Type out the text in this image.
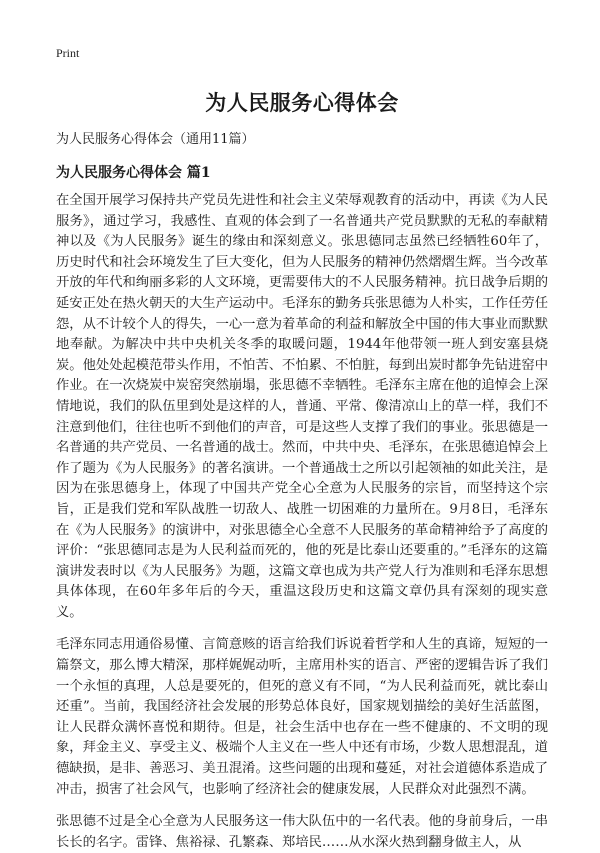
Print
为人民服务心得体会
为人民服务心得体会（通用11篇）
为人民服务心得体会 篇1

在全国开展学习保持共产党员先进性和社会主义荣辱观教育的活动中，再读《为人民服务》，通过学习，我感性、直观的体会到了一名普通共产党员默默的无私的奉献精神以及《为人民服务》诞生的缘由和深刻意义。张思德同志虽然已经牺牲60年了，历史时代和社会环境发生了巨大变化，但为人民服务的精神仍然熠熠生辉。当今改革开放的年代和绚丽多彩的人文环境，更需要伟大的不人民服务精神。抗日战争后期的延安正处在热火朝天的大生产运动中。毛泽东的勤务兵张思德为人朴实，工作任劳任怨，从不计较个人的得失，一心一意为着革命的利益和解放全中国的伟大事业而默默地奉献。为解决中共中央机关冬季的取暖问题，1944年他带领一班人到安塞县烧炭。他处处起模范带头作用，不怕苦、不怕累、不怕脏，每到出炭时都争先钻进窑中作业。在一次烧炭中炭窑突然崩塌，张思德不幸牺牲。毛泽东主席在他的追悼会上深情地说，我们的队伍里到处是这样的人，普通、平常、像清凉山上的草一样，我们不注意到他们，往往也听不到他们的声音，可是这些人支撑了我们的事业。张思德是一名普通的共产党员、一名普通的战士。然而，中共中央、毛泽东，在张思德追悼会上作了题为《为人民服务》的著名演讲。一个普通战士之所以引起领袖的如此关注，是因为在张思德身上，体现了中国共产党全心全意为人民服务的宗旨，而坚持这个宗旨，正是我们党和军队战胜一切敌人、战胜一切困难的力量所在。9月8日，毛泽东在《为人民服务》的演讲中，对张思德全心全意不人民服务的革命精神给予了高度的评价：“张思德同志是为人民利益而死的，他的死是比泰山还要重的。”毛泽东的这篇演讲发表时以《为人民服务》为题，这篇文章也成为共产党人行为准则和毛泽东思想具体体现，在60年多年后的今天，重温这段历史和这篇文章仍具有深刻的现实意义。

毛泽东同志用通俗易懂、言简意赅的语言给我们诉说着哲学和人生的真谛，短短的一篇祭文，那么博大精深，那样娓娓动听，主席用朴实的语言、严密的逻辑告诉了我们一个永恒的真理，人总是要死的，但死的意义有不同，“为人民利益而死，就比泰山还重”。当前，我国经济社会发展的形势总体良好，国家规划描绘的美好生活蓝图，让人民群众满怀喜悦和期待。但是，社会生活中也存在一些不健康的、不文明的现象，拜金主义、享受主义、极端个人主义在一些人中还有市场，少数人思想混乱，道德缺损，是非、善恶习、美丑混淆。这些问题的出现和蔓延，对社会道德体系造成了冲击，损害了社会风气，也影响了经济社会的健康发展，人民群众对此强烈不满。

张思德不过是全心全意为人民服务这一伟大队伍中的一名代表。他的身前身后，一串长长的名字。雷锋、焦裕禄、孔繁森、郑培民……从水深火热到翻身做主人，从
